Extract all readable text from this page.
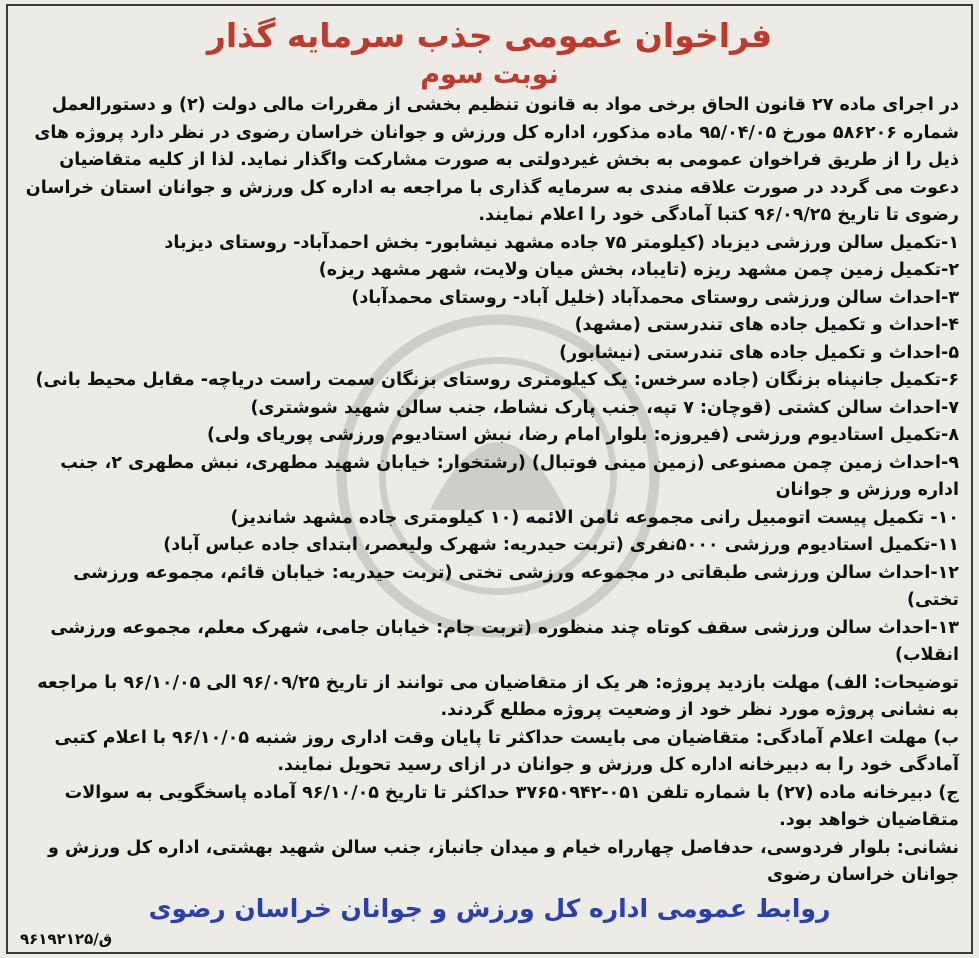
فراخوان عمومی جذب سرمایه گذار
نوبت سوم

در اجرای ماده ۲۷ قانون الحاق برخی مواد به قانون تنظیم بخشی از مقررات مالی دولت (۲) و دستورالعمل شماره ۵۸۶۲۰۶ مورخ ۹۵/۰۴/۰۵ ماده مذکور، اداره کل ورزش و جوانان خراسان رضوی در نظر دارد پروژه های ذیل را از طریق فراخوان عمومی به بخش غیردولتی به صورت مشارکت واگذار نماید. لذا از کلیه متقاضیان دعوت می گردد در صورت علاقه مندی به سرمایه گذاری با مراجعه به اداره کل ورزش و جوانان استان خراسان رضوی تا تاریخ ۹۶/۰۹/۲۵ کتبا آمادگی خود را اعلام نمایند.

۱-تکمیل سالن ورزشی دیزباد (کیلومتر ۷۵ جاده مشهد نیشابور- بخش احمدآباد- روستای دیزباد

۲-تکمیل زمین چمن مشهد ریزه (تایباد، بخش میان ولایت، شهر مشهد ریزه)

۳-احداث سالن ورزشی روستای محمدآباد (خلیل آباد- روستای محمدآباد)

۴-احداث و تکمیل جاده های تندرستی (مشهد)

۵-احداث و تکمیل جاده های تندرستی (نیشابور)

۶-تکمیل جانپناه بزنگان (جاده سرخس: یک کیلومتری روستای بزنگان سمت راست دریاچه- مقابل محیط بانی)

۷-احداث سالن کشتی (قوچان: ۷ تپه، جنب پارک نشاط، جنب سالن شهید شوشتری)

۸-تکمیل استادیوم ورزشی (فیروزه: بلوار امام رضا، نبش استادیوم ورزشی پوریای ولی)

۹-احداث زمین چمن مصنوعی (زمین مینی فوتبال) (رشتخوار: خیابان شهید مطهری، نبش مطهری ۲، جنب اداره ورزش و جوانان

۱۰- تکمیل پیست اتومبیل رانی مجموعه ثامن الائمه (۱۰ کیلومتری جاده مشهد شاندیز)

۱۱-تکمیل استادیوم ورزشی ۵۰۰۰نفری (تربت حیدریه: شهرک ولیعصر، ابتدای جاده عباس آباد)

۱۲-احداث سالن ورزشی طبقاتی در مجموعه ورزشی تختی (تربت حیدریه: خیابان قائم، مجموعه ورزشی تختی)

۱۳-احداث سالن ورزشی سقف کوتاه چند منظوره (تربت جام: خیابان جامی، شهرک معلم، مجموعه ورزشی انقلاب)

توضیحات: الف) مهلت بازدید پروژه: هر یک از متقاضیان می توانند از تاریخ ۹۶/۰۹/۲۵ الی ۹۶/۱۰/۰۵ با مراجعه به نشانی پروژه مورد نظر خود از وضعیت پروژه مطلع گردند.

ب) مهلت اعلام آمادگی: متقاضیان می بایست حداکثر تا پایان وقت اداری روز شنبه ۹۶/۱۰/۰۵ با اعلام کتبی آمادگی خود را به دبیرخانه اداره کل ورزش و جوانان در ازای رسید تحویل نمایند.

ج) دبیرخانه ماده (۲۷) با شماره تلفن ۰۵۱-۳۷۶۵۰۹۴۲ حداکثر تا تاریخ ۹۶/۱۰/۰۵ آماده پاسخگویی به سوالات متقاضیان خواهد بود.

نشانی: بلوار فردوسی، حدفاصل چهارراه خیام و میدان جانباز، جنب سالن شهید بهشتی، اداره کل ورزش و جوانان خراسان رضوی

روابط عمومی اداره کل ورزش و جوانان خراسان رضوی
۹۶۱۹۲۱۲۵/ق
